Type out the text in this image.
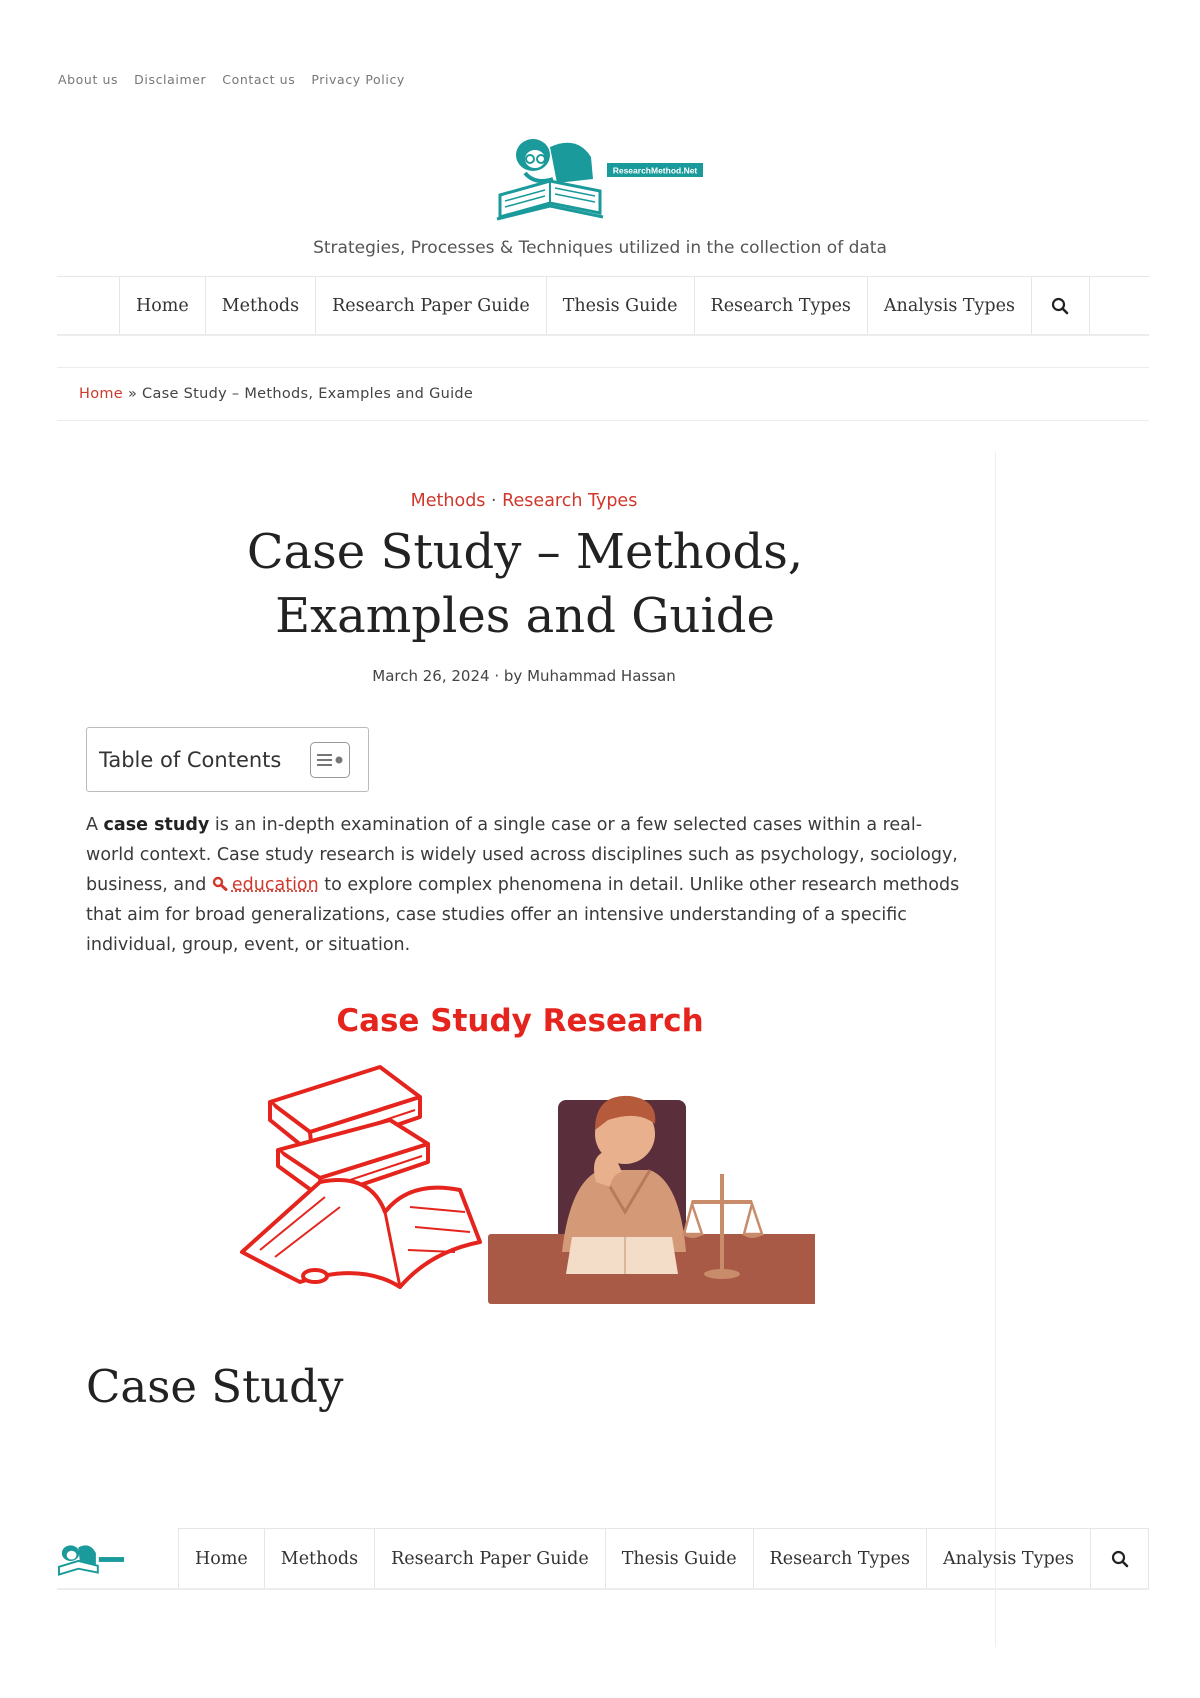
About us Disclaimer Contact us Privacy Policy
ResearchMethod.Net
Strategies, Processes & Techniques utilized in the collection of data
Home	Methods	Research Paper Guide	Thesis Guide	Research Types	Analysis Types
Home » Case Study – Methods, Examples and Guide
Methods · Research Types
Case Study – Methods, Examples and Guide
March 26, 2024 · by Muhammad Hassan
Table of Contents

A case study is an in-depth examination of a single case or a few selected cases within a real-world context. Case study research is widely used across disciplines such as psychology, sociology, business, and education to explore complex phenomena in detail. Unlike other research methods that aim for broad generalizations, case studies offer an intensive understanding of a specific individual, group, event, or situation.

Case Study Research
Case Study
Home	Methods	Research Paper Guide	Thesis Guide	Research Types	Analysis Types
